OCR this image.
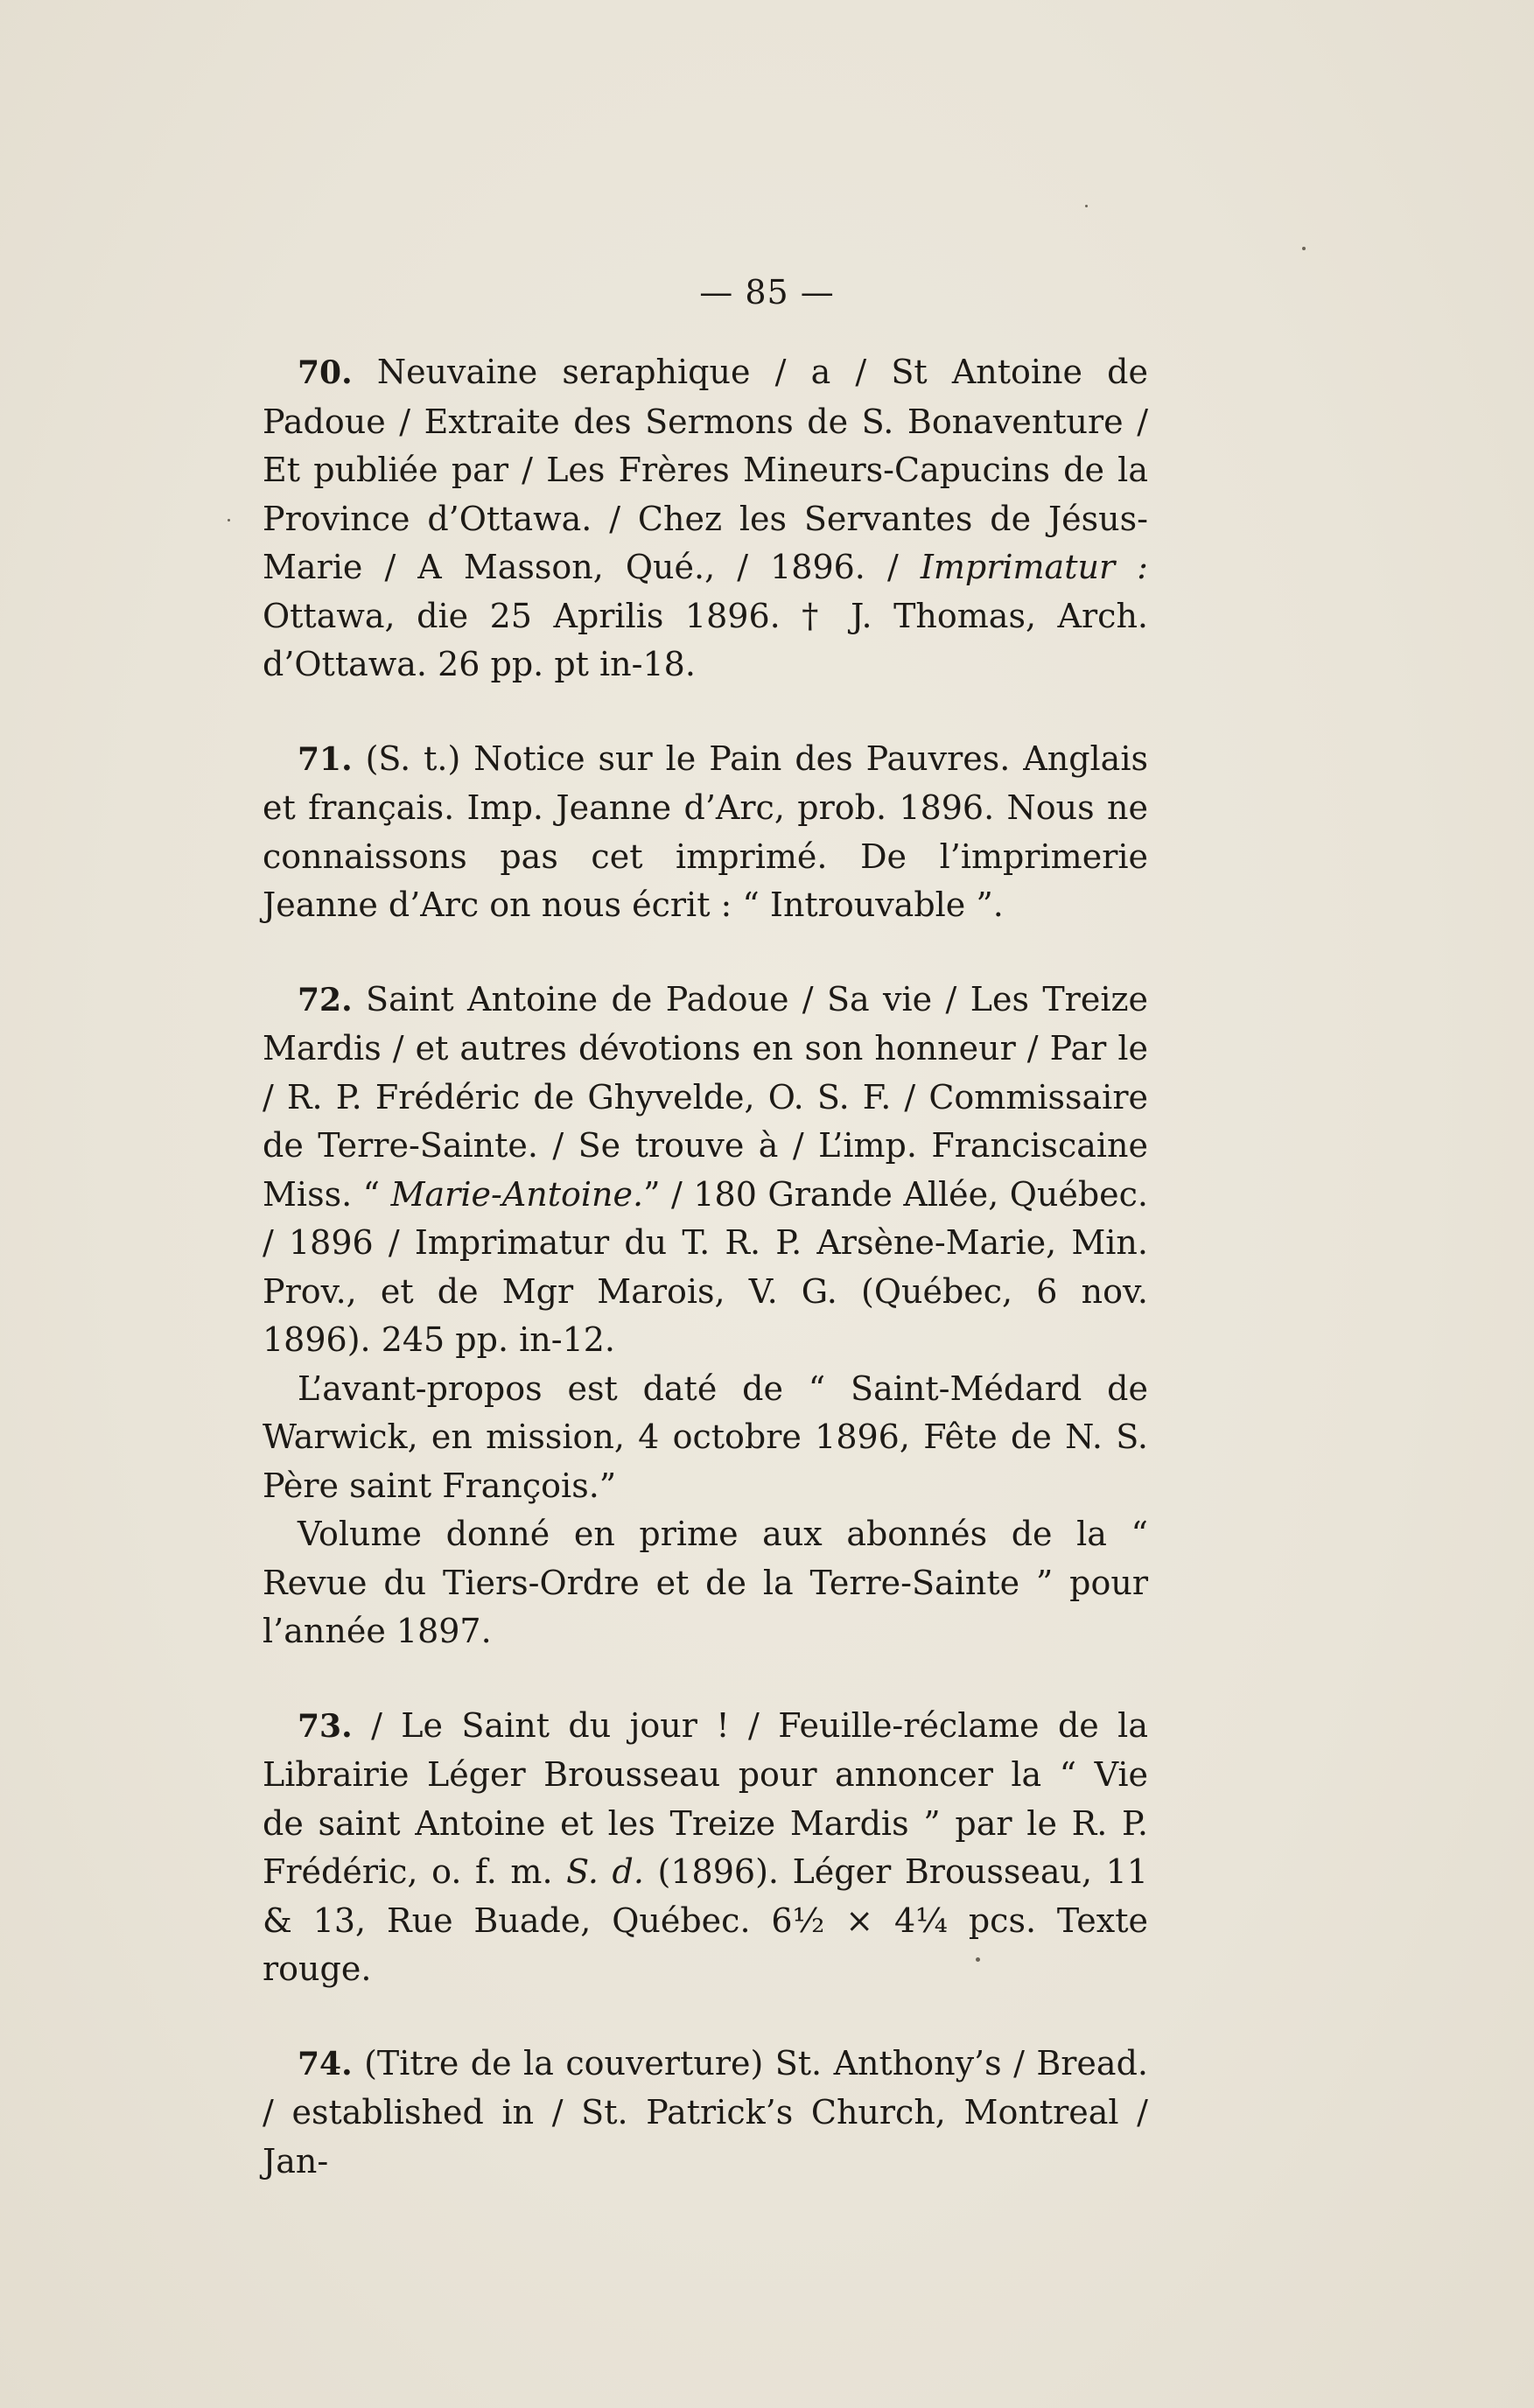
— 85 —

70. Neuvaine seraphique / a / St Antoine de Padoue / Extraite des Sermons de S. Bonaventure / Et publiée par / Les Frères Mineurs-Capucins de la Province d’Ottawa. / Chez les Servantes de Jésus-Marie / A Masson, Qué., / 1896. / Imprimatur : Ottawa, die 25 Aprilis 1896. † J. Thomas, Arch. d’Ottawa. 26 pp. pt in-18.

71. (S. t.) Notice sur le Pain des Pauvres. Anglais et français. Imp. Jeanne d’Arc, prob. 1896. Nous ne connaissons pas cet imprimé. De l’imprimerie Jeanne d’Arc on nous écrit : “ Introuvable ”.

72. Saint Antoine de Padoue / Sa vie / Les Treize Mardis / et autres dévotions en son honneur / Par le / R. P. Frédéric de Ghyvelde, O. S. F. / Commissaire de Terre-Sainte. / Se trouve à / L’imp. Franciscaine Miss. “ Marie-Antoine.” / 180 Grande Allée, Québec. / 1896 / Imprimatur du T. R. P. Arsène-Marie, Min. Prov., et de Mgr Marois, V. G. (Québec, 6 nov. 1896). 245 pp. in-12.

L’avant-propos est daté de “ Saint-Médard de Warwick, en mission, 4 octobre 1896, Fête de N. S. Père saint François.”

Volume donné en prime aux abonnés de la “ Revue du Tiers-Ordre et de la Terre-Sainte ” pour l’année 1897.

73. / Le Saint du jour ! / Feuille-réclame de la Librairie Léger Brousseau pour annoncer la “ Vie de saint Antoine et les Treize Mardis ” par le R. P. Frédéric, o. f. m. S. d. (1896). Léger Brousseau, 11 & 13, Rue Buade, Québec. 6½ × 4¼ pcs. Texte rouge.

74. (Titre de la couverture) St. Anthony’s / Bread. / established in / St. Patrick’s Church, Montreal / Jan-
